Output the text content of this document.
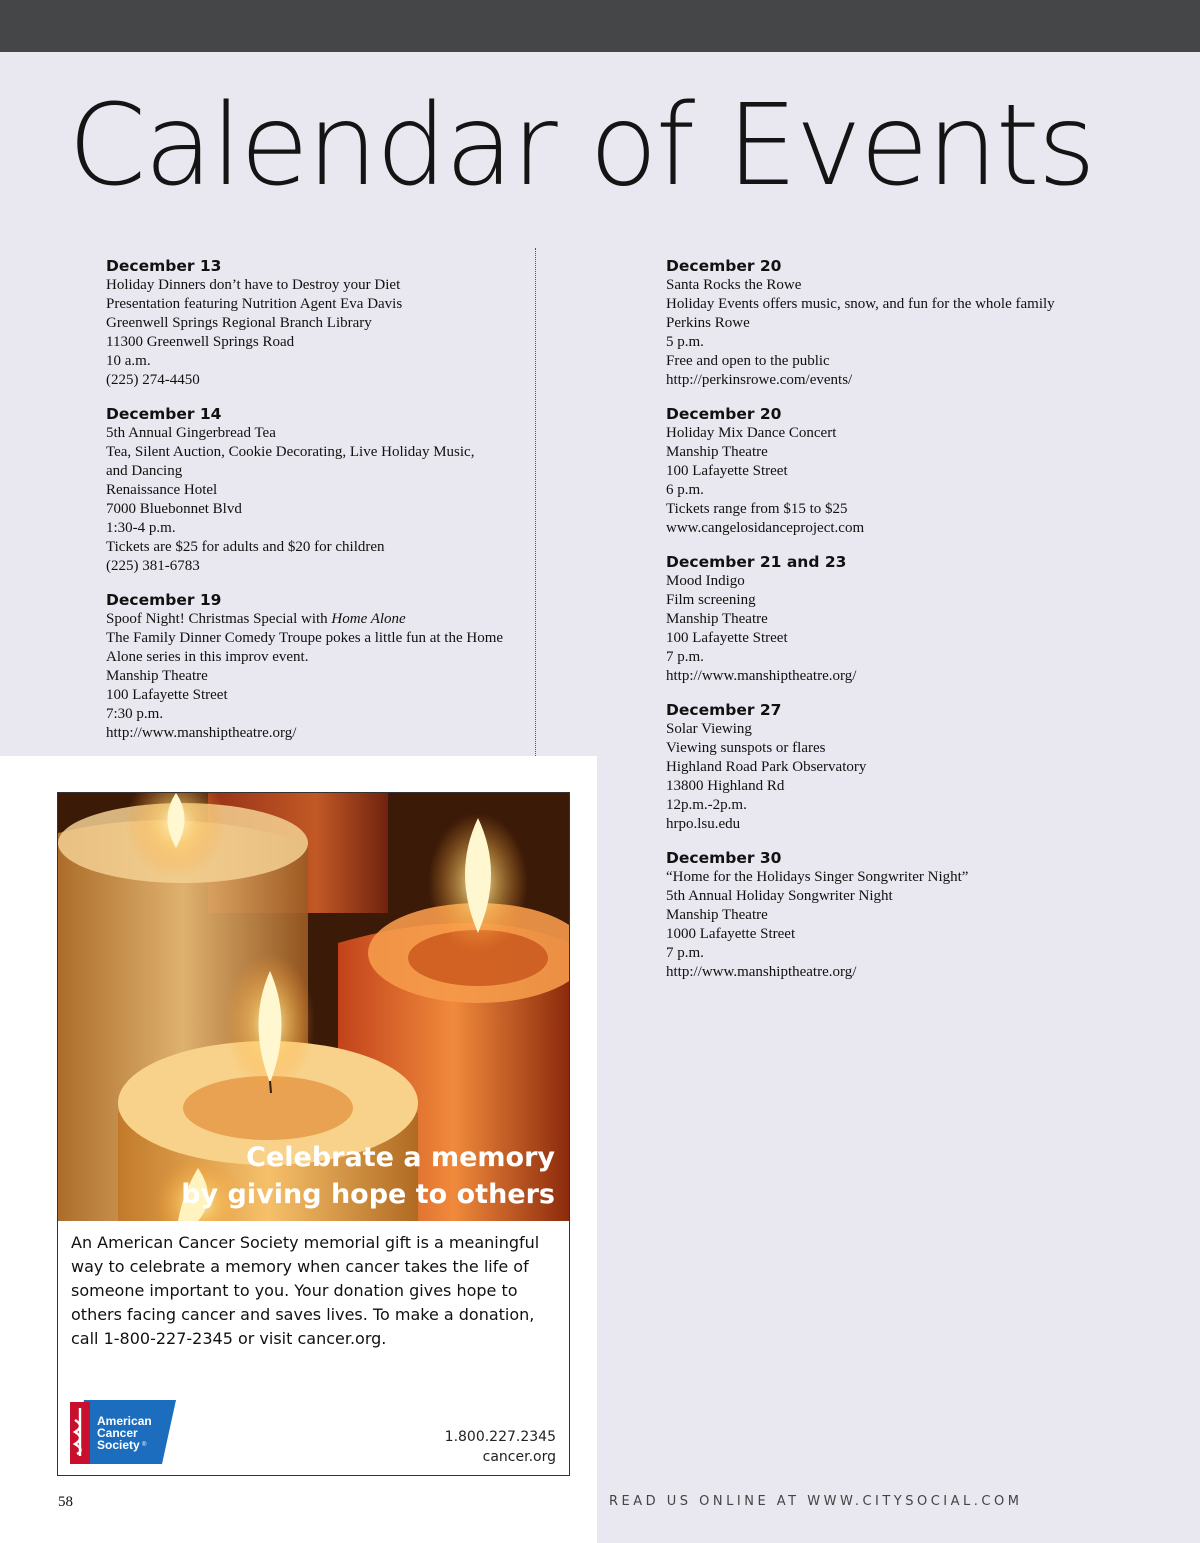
Calendar of Events
December 13
Holiday Dinners don’t have to Destroy your Diet
Presentation featuring Nutrition Agent Eva Davis
Greenwell Springs Regional Branch Library
11300 Greenwell Springs Road
10 a.m.
(225) 274-4450
December 14
5th Annual Gingerbread Tea
Tea, Silent Auction, Cookie Decorating, Live Holiday Music,
and Dancing
Renaissance Hotel
7000 Bluebonnet Blvd
1:30-4 p.m.
Tickets are $25 for adults and $20 for children
(225) 381-6783
December 19
Spoof Night! Christmas Special with Home Alone
The Family Dinner Comedy Troupe pokes a little fun at the Home
Alone series in this improv event.
Manship Theatre
100 Lafayette Street
7:30 p.m.
http://www.manshiptheatre.org/
December 20
Santa Rocks the Rowe
Holiday Events offers music, snow, and fun for the whole family
Perkins Rowe
5 p.m.
Free and open to the public
http://perkinsrowe.com/events/
December 20
Holiday Mix Dance Concert
Manship Theatre
100 Lafayette Street
6 p.m.
Tickets range from $15 to $25
www.cangelosidanceproject.com
December 21 and 23
Mood Indigo
Film screening
Manship Theatre
100 Lafayette Street
7 p.m.
http://www.manshiptheatre.org/
December 27
Solar Viewing
Viewing sunspots or flares
Highland Road Park Observatory
13800 Highland Rd
12p.m.-2p.m.
hrpo.lsu.edu
December 30
“Home for the Holidays Singer Songwriter Night”
5th Annual Holiday Songwriter Night
Manship Theatre
1000 Lafayette Street
7 p.m.
http://www.manshiptheatre.org/
Celebrate a memory
by giving hope to others
An American Cancer Society memorial gift is a meaningful way to celebrate a memory when cancer takes the life of someone important to you. Your donation gives hope to others facing cancer and saves lives. To make a donation, call 1-800-227-2345 or visit cancer.org.
American
Cancer
Society ®	1.800.227.2345
cancer.org
58	READ US ONLINE AT WWW.CITYSOCIAL.COM
